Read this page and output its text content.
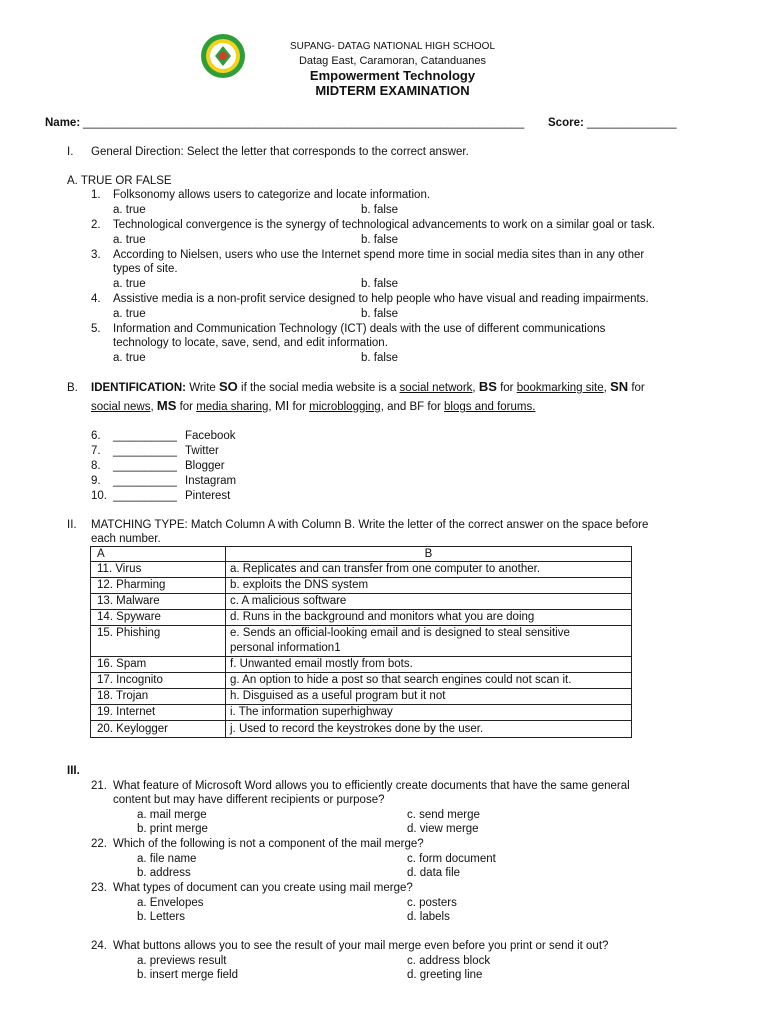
SUPANG- DATAG NATIONAL HIGH SCHOOL
Datag East, Caramoran, Catanduanes
Empowerment Technology
MIDTERM EXAMINATION
Name: _____________________________________________________________________ Score: ______________
I. General Direction: Select the letter that corresponds to the correct answer.
A. TRUE OR FALSE
1. Folksonomy allows users to categorize and locate information.
a. true	b. false
2. Technological convergence is the synergy of technological advancements to work on a similar goal or task.
a. true	b. false
3. According to Nielsen, users who use the Internet spend more time in social media sites than in any other
types of site.
a. true	b. false
4. Assistive media is a non-profit service designed to help people who have visual and reading impairments.
a. true	b. false
5. Information and Communication Technology (ICT) deals with the use of different communications
technology to locate, save, send, and edit information.
a. true	b. false
B. IDENTIFICATION: Write SO if the social media website is a social network, BS for bookmarking site, SN for
social news, MS for media sharing, MI for microblogging, and BF for blogs and forums.
6. __________ Facebook
7. __________ Twitter
8. __________ Blogger
9. __________ Instagram
10. __________ Pinterest
II. MATCHING TYPE: Match Column A with Column B. Write the letter of the correct answer on the space before
each number.
A	B
11. Virus	a. Replicates and can transfer from one computer to another.
12. Pharming	b. exploits the DNS system
13. Malware	c. A malicious software
14. Spyware	d. Runs in the background and monitors what you are doing
15. Phishing	e. Sends an official-looking email and is designed to steal sensitive
personal information1

16. Spam	f. Unwanted email mostly from bots.
17. Incognito	g. An option to hide a post so that search engines could not scan it.
18. Trojan	h. Disguised as a useful program but it not
19. Internet	i. The information superhighway
20. Keylogger	j. Used to record the keystrokes done by the user.
III.
21. What feature of Microsoft Word allows you to efficiently create documents that have the same general
content but may have different recipients or purpose?
a. mail merge	c. send merge
b. print merge	d. view merge
22. Which of the following is not a component of the mail merge?
a. file name	c. form document
b. address	d. data file
23. What types of document can you create using mail merge?
a. Envelopes	c. posters
b. Letters	d. labels
24. What buttons allows you to see the result of your mail merge even before you print or send it out?
a. previews result	c. address block
b. insert merge field	d. greeting line
